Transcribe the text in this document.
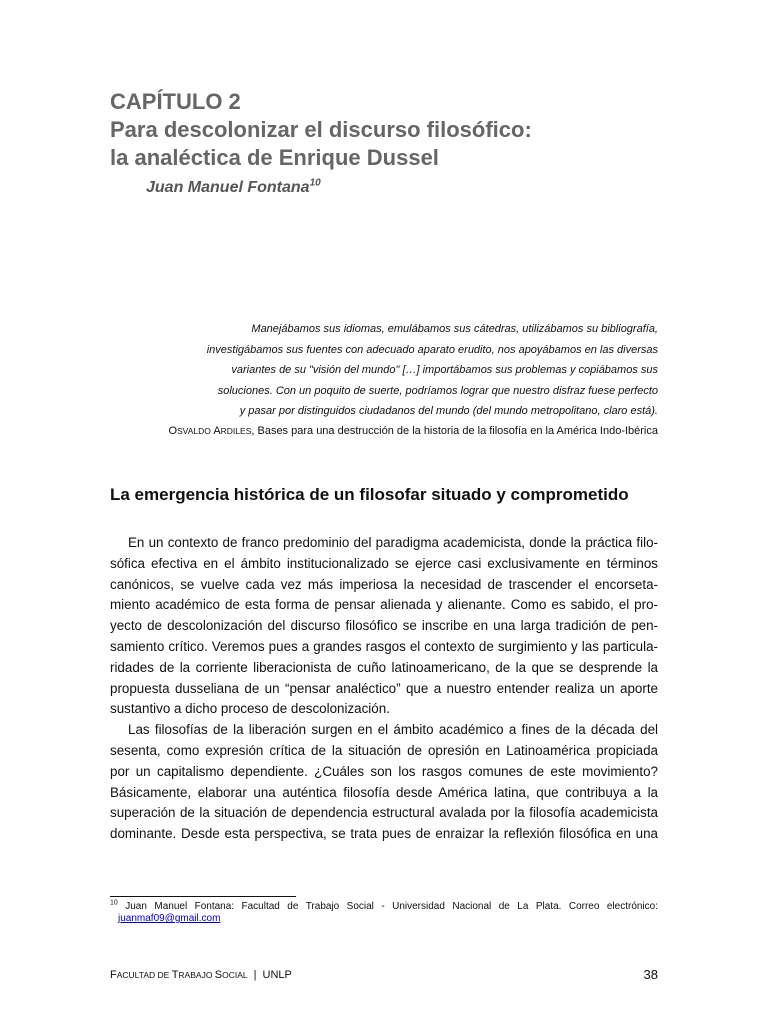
CAPÍTULO 2
Para descolonizar el discurso filosófico:
la analéctica de Enrique Dussel
Juan Manuel Fontana$^{10}$
Manejábamos sus idiomas, emulábamos sus cátedras, utilizábamos su bibliografía,
investigábamos sus fuentes con adecuado aparato erudito, nos apoyábamos en las diversas
variantes de su "visión del mundo" […] importábamos sus problemas y copiábamos sus
soluciones. Con un poquito de suerte, podríamos lograr que nuestro disfraz fuese perfecto
y pasar por distinguidos ciudadanos del mundo (del mundo metropolitano, claro está).
OSVALDO ARDILES, Bases para una destrucción de la historia de la filosofía en la América Indo-Ibérica
La emergencia histórica de un filosofar situado y comprometido
En un contexto de franco predominio del paradigma academicista, donde la práctica filo-
sófica efectiva en el ámbito institucionalizado se ejerce casi exclusivamente en términos
canónicos, se vuelve cada vez más imperiosa la necesidad de trascender el encorseta-
miento académico de esta forma de pensar alienada y alienante. Como es sabido, el pro-
yecto de descolonización del discurso filosófico se inscribe en una larga tradición de pen-
samiento crítico. Veremos pues a grandes rasgos el contexto de surgimiento y las particula-
ridades de la corriente liberacionista de cuño latinoamericano, de la que se desprende la
propuesta dusseliana de un “pensar analéctico” que a nuestro entender realiza un aporte
sustantivo a dicho proceso de descolonización.
Las filosofías de la liberación surgen en el ámbito académico a fines de la década del
sesenta, como expresión crítica de la situación de opresión en Latinoamérica propiciada
por un capitalismo dependiente. ¿Cuáles son los rasgos comunes de este movimiento?
Básicamente, elaborar una auténtica filosofía desde América latina, que contribuya a la
superación de la situación de dependencia estructural avalada por la filosofía academicista
dominante. Desde esta perspectiva, se trata pues de enraizar la reflexión filosófica en una
$^{10}$ Juan Manuel Fontana: Facultad de Trabajo Social - Universidad Nacional de La Plata. Correo electrónico:
juanmaf09@gmail.com
FACULTAD DE TRABAJO SOCIAL | UNLP	38
